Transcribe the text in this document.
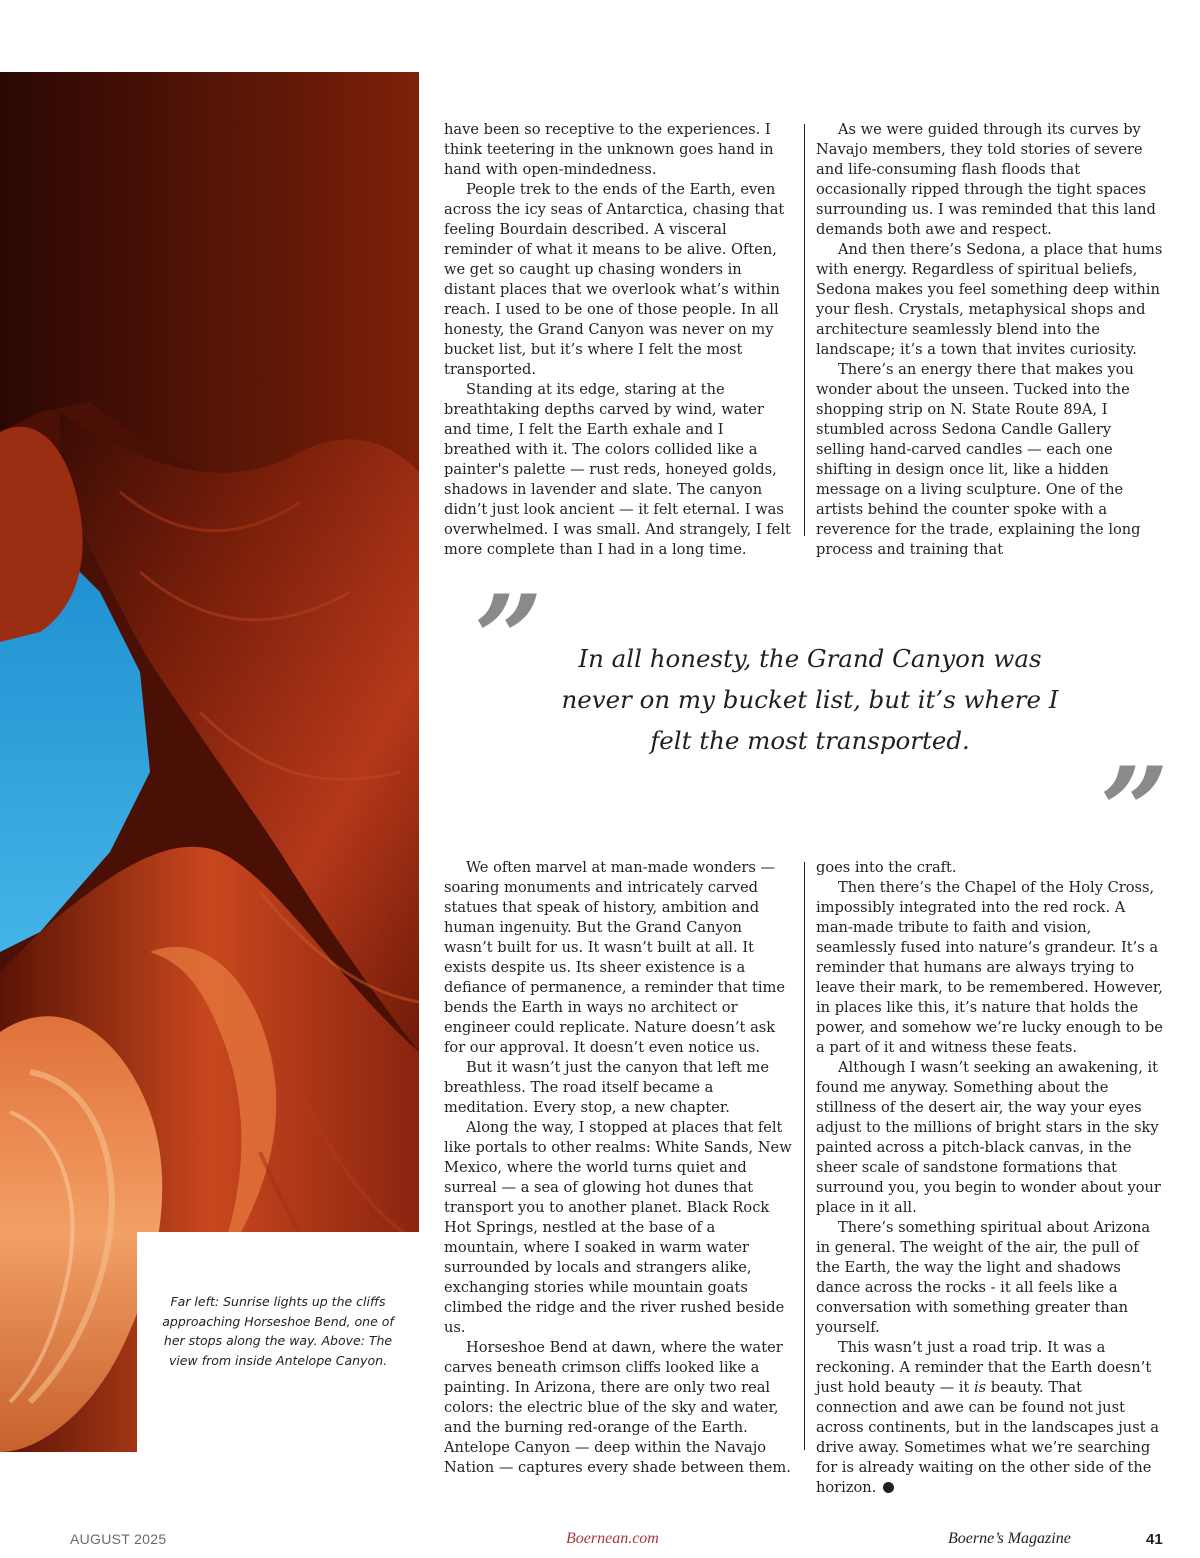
Far left: Sunrise lights up the cliffs approaching Horseshoe Bend, one of her stops along the way. Above: The view from inside Antelope Canyon.

have been so receptive to the experiences. I think teetering in the unknown goes hand in hand with open-mindedness.

People trek to the ends of the Earth, even across the icy seas of Antarctica, chasing that feeling Bourdain described. A visceral reminder of what it means to be alive. Often, we get so caught up chasing wonders in distant places that we overlook what’s within reach. I used to be one of those people. In all honesty, the Grand Canyon was never on my bucket list, but it’s where I felt the most transported.

Standing at its edge, staring at the breathtaking depths carved by wind, water and time, I felt the Earth exhale and I breathed with it. The colors collided like a painter's palette — rust reds, honeyed golds, shadows in lavender and slate. The canyon didn’t just look ancient — it felt eternal. I was overwhelmed. I was small. And strangely, I felt more complete than I had in a long time.

As we were guided through its curves by Navajo members, they told stories of severe and life-consuming flash floods that occasionally ripped through the tight spaces surrounding us. I was reminded that this land demands both awe and respect.

And then there’s Sedona, a place that hums with energy. Regardless of spiritual beliefs, Sedona makes you feel something deep within your flesh. Crystals, metaphysical shops and architecture seamlessly blend into the landscape; it’s a town that invites curiosity.

There’s an energy there that makes you wonder about the unseen. Tucked into the shopping strip on N. State Route 89A, I stumbled across Sedona Candle Gallery selling hand-carved candles — each one shifting in design once lit, like a hidden message on a living sculpture. One of the artists behind the counter spoke with a reverence for the trade, explaining the long process and training that

”	In all honesty, the Grand Canyon was never on my bucket list, but it’s where I felt the most transported.

”

We often marvel at man-made wonders — soaring monuments and intricately carved statues that speak of history, ambition and human ingenuity. But the Grand Canyon wasn’t built for us. It wasn’t built at all. It exists despite us. Its sheer existence is a defiance of permanence, a reminder that time bends the Earth in ways no architect or engineer could replicate. Nature doesn’t ask for our approval. It doesn’t even notice us.

But it wasn’t just the canyon that left me breathless. The road itself became a meditation. Every stop, a new chapter.

Along the way, I stopped at places that felt like portals to other realms: White Sands, New Mexico, where the world turns quiet and surreal — a sea of glowing hot dunes that transport you to another planet. Black Rock Hot Springs, nestled at the base of a mountain, where I soaked in warm water surrounded by locals and strangers alike, exchanging stories while mountain goats climbed the ridge and the river rushed beside us.

Horseshoe Bend at dawn, where the water carves beneath crimson cliffs looked like a painting. In Arizona, there are only two real colors: the electric blue of the sky and water, and the burning red-orange of the Earth. Antelope Canyon — deep within the Navajo Nation — captures every shade between them.

goes into the craft.

Then there’s the Chapel of the Holy Cross, impossibly integrated into the red rock. A man-made tribute to faith and vision, seamlessly fused into nature’s grandeur. It’s a reminder that humans are always trying to leave their mark, to be remembered. However, in places like this, it’s nature that holds the power, and somehow we’re lucky enough to be a part of it and witness these feats.

Although I wasn’t seeking an awakening, it found me anyway. Something about the stillness of the desert air, the way your eyes adjust to the millions of bright stars in the sky painted across a pitch-black canvas, in the sheer scale of sandstone formations that surround you, you begin to wonder about your place in it all.

There’s something spiritual about Arizona in general. The weight of the air, the pull of the Earth, the way the light and shadows dance across the rocks - it all feels like a conversation with something greater than yourself.

This wasn’t just a road trip. It was a reckoning. A reminder that the Earth doesn’t just hold beauty — it is beauty. That connection and awe can be found not just across continents, but in the landscapes just a drive away. Sometimes what we’re searching for is already waiting on the other side of the horizon.

AUGUST 2025	Boernean.com	Boerne’s Magazine	41
